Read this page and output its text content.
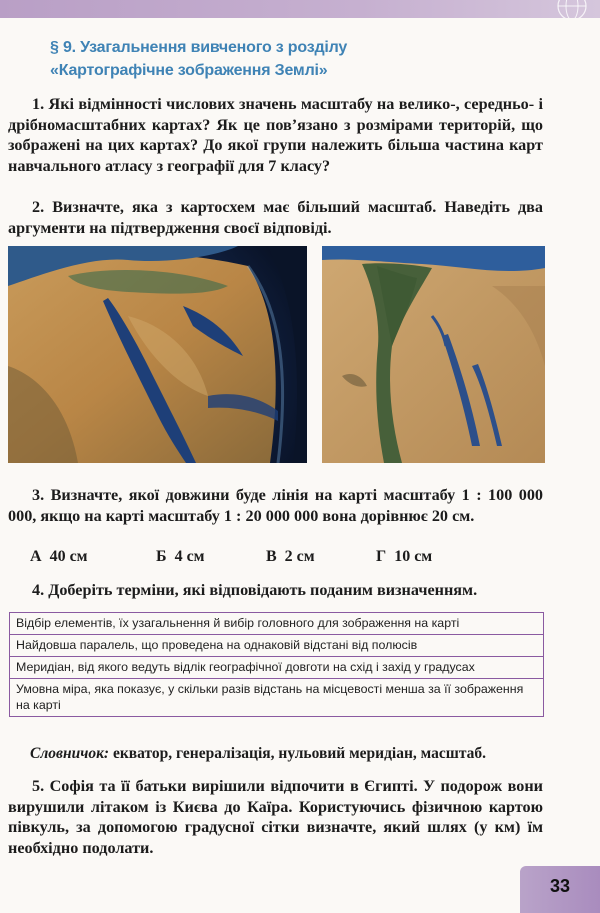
§ 9. Узагальнення вивченого з розділу
«Картографічне зображення Землі»
1. Які відмінності числових значень масштабу на велико-, середньо- і дрібномасштабних картах? Як це пов’язано з розмірами територій, що зображені на цих картах? До якої групи належить більша частина карт навчального атласу з географії для 7 класу?
2. Визначте, яка з картосхем має більший масштаб. Наведіть два аргументи на підтвердження своєї відповіді.
3. Визначте, якої довжини буде лінія на карті масштабу 1 : 100 000 000, якщо на карті масштабу 1 : 20 000 000 вона дорівнює 20 см.
А 40 см	Б 4 см	В 2 см	Г 10 см
4. Доберіть терміни, які відповідають поданим визначенням.
Відбір елементів, їх узагальнення й вибір головного для зображення на карті
Найдовша паралель, що проведена на однаковій відстані від полюсів
Меридіан, від якого ведуть відлік географічної довготи на схід і захід у градусах
Умовна міра, яка показує, у скільки разів відстань на місцевості менша за її зображення на карті
Словничок: екватор, генералізація, нульовий меридіан, масштаб.
5. Софія та її батьки вирішили відпочити в Єгипті. У подорож вони вирушили літаком із Києва до Каїра. Користуючись фізичною картою півкуль, за допомогою градусної сітки визначте, який шлях (у км) їм необхідно подолати.
33
